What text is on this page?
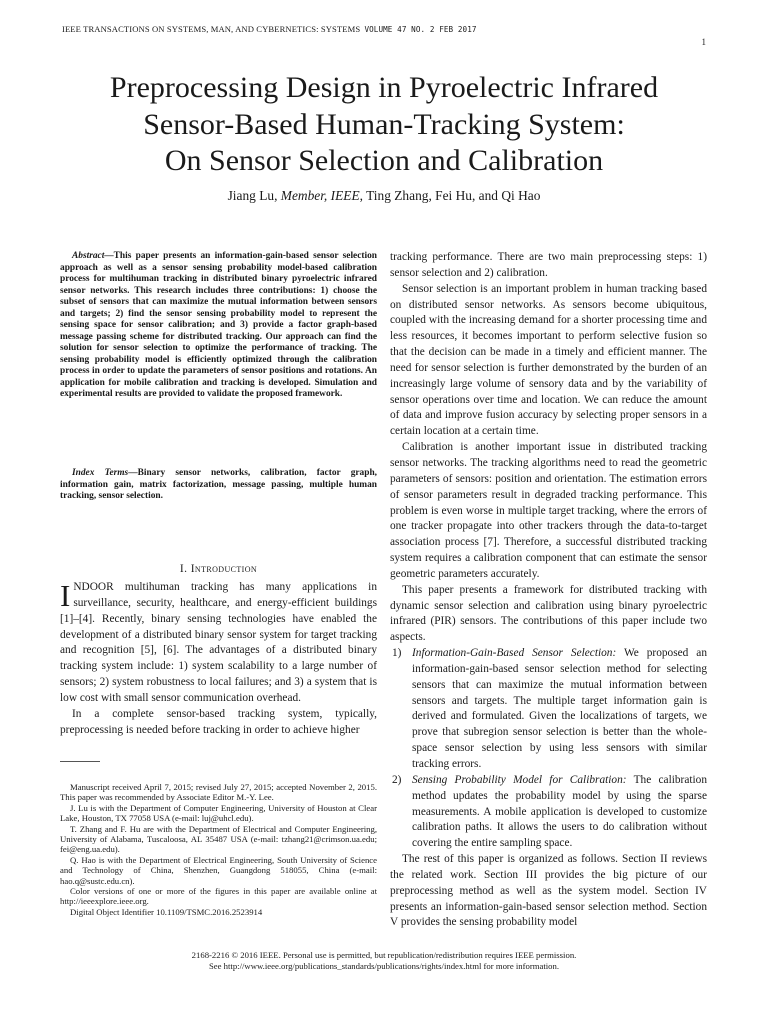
IEEE TRANSACTIONS ON SYSTEMS, MAN, AND CYBERNETICS: SYSTEMS VOLUME 47 NO. 2 FEB 2017
1
Preprocessing Design in Pyroelectric Infrared
Sensor-Based Human-Tracking System:
On Sensor Selection and Calibration
Jiang Lu, Member, IEEE, Ting Zhang, Fei Hu, and Qi Hao
Abstract—This paper presents an information-gain-based sensor selection approach as well as a sensor sensing probability model-based calibration process for multihuman tracking in distributed binary pyroelectric infrared sensor networks. This research includes three contributions: 1) choose the subset of sensors that can maximize the mutual information between sensors and targets; 2) find the sensor sensing probability model to represent the sensing space for sensor calibration; and 3) provide a factor graph-based message passing scheme for distributed tracking. Our approach can find the solution for sensor selection to optimize the performance of tracking. The sensing probability model is efficiently optimized through the calibration process in order to update the parameters of sensor positions and rotations. An application for mobile calibration and tracking is developed. Simulation and experimental results are provided to validate the proposed framework.
Index Terms—Binary sensor networks, calibration, factor graph, information gain, matrix factorization, message passing, multiple human tracking, sensor selection.
I. Introduction

INDOOR multihuman tracking has many applications in surveillance, security, healthcare, and energy-efficient buildings [1]–[4]. Recently, binary sensing technologies have enabled the development of a distributed binary sensor system for target tracking and recognition [5], [6]. The advantages of a distributed binary tracking system include: 1) system scalability to a large number of sensors; 2) system robustness to local failures; and 3) a system that is low cost with small sensor communication overhead.

In a complete sensor-based tracking system, typically, preprocessing is needed before tracking in order to achieve higher

Manuscript received April 7, 2015; revised July 27, 2015; accepted November 2, 2015. This paper was recommended by Associate Editor M.-Y. Lee.

J. Lu is with the Department of Computer Engineering, University of Houston at Clear Lake, Houston, TX 77058 USA (e-mail: luj@uhcl.edu).

T. Zhang and F. Hu are with the Department of Electrical and Computer Engineering, University of Alabama, Tuscaloosa, AL 35487 USA (e-mail: tzhang21@crimson.ua.edu; fei@eng.ua.edu).

Q. Hao is with the Department of Electrical Engineering, South University of Science and Technology of China, Shenzhen, Guangdong 518055, China (e-mail: hao.q@sustc.edu.cn).

Color versions of one or more of the figures in this paper are available online at http://ieeexplore.ieee.org.

Digital Object Identifier 10.1109/TSMC.2016.2523914

tracking performance. There are two main preprocessing steps: 1) sensor selection and 2) calibration.

Sensor selection is an important problem in human tracking based on distributed sensor networks. As sensors become ubiquitous, coupled with the increasing demand for a shorter processing time and less resources, it becomes important to perform selective fusion so that the decision can be made in a timely and efficient manner. The need for sensor selection is further demonstrated by the burden of an increasingly large volume of sensory data and by the variability of sensor operations over time and location. We can reduce the amount of data and improve fusion accuracy by selecting proper sensors in a certain location at a certain time.

Calibration is another important issue in distributed tracking sensor networks. The tracking algorithms need to read the geometric parameters of sensors: position and orientation. The estimation errors of sensor parameters result in degraded tracking performance. This problem is even worse in multiple target tracking, where the errors of one tracker propagate into other trackers through the data-to-target association process [7]. Therefore, a successful distributed tracking system requires a calibration component that can estimate the sensor geometric parameters accurately.

This paper presents a framework for distributed tracking with dynamic sensor selection and calibration using binary pyroelectric infrared (PIR) sensors. The contributions of this paper include two aspects.

1) Information-Gain-Based Sensor Selection: We proposed an information-gain-based sensor selection method for selecting sensors that can maximize the mutual information between sensors and targets. The multiple target information gain is derived and formulated. Given the localizations of targets, we prove that subregion sensor selection is better than the whole-space sensor selection by using less sensors with similar tracking errors.
2) Sensing Probability Model for Calibration: The calibration method updates the probability model by using the sparse measurements. A mobile application is developed to customize calibration paths. It allows the users to do calibration without covering the entire sampling space.

The rest of this paper is organized as follows. Section II reviews the related work. Section III provides the big picture of our preprocessing method as well as the system model. Section IV presents an information-gain-based sensor selection method. Section V provides the sensing probability model

2168-2216 © 2016 IEEE. Personal use is permitted, but republication/redistribution requires IEEE permission.
See http://www.ieee.org/publications_standards/publications/rights/index.html for more information.
